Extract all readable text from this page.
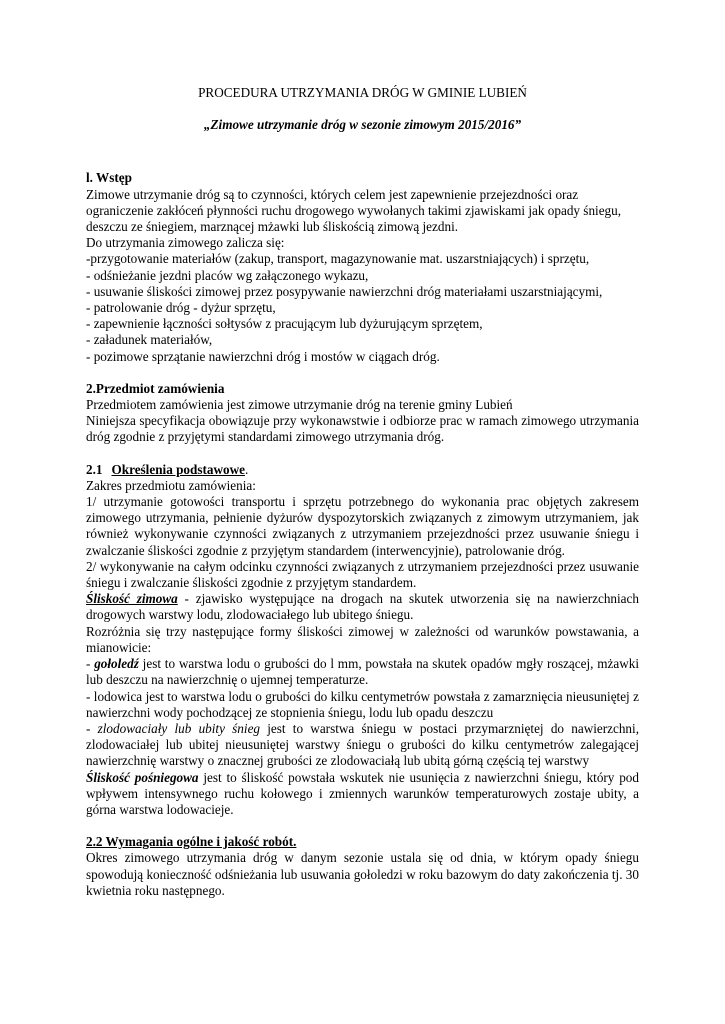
PROCEDURA UTRZYMANIA DRÓG W GMINIE LUBIEŃ
„Zimowe utrzymanie dróg w sezonie zimowym 2015/2016”
l. Wstęp
Zimowe utrzymanie dróg są to czynności, których celem jest zapewnienie przejezdności oraz ograniczenie zakłóceń płynności ruchu drogowego wywołanych takimi zjawiskami jak opady śniegu, deszczu ze śniegiem, marznącej mżawki lub śliskością zimową jezdni.
Do utrzymania zimowego zalicza się:
-przygotowanie materiałów (zakup, transport, magazynowanie mat. uszarstniających) i sprzętu,
- odśnieżanie jezdni placów wg załączonego wykazu,
- usuwanie śliskości zimowej przez posypywanie nawierzchni dróg materiałami uszarstniającymi,
- patrolowanie dróg - dyżur sprzętu,
- zapewnienie łączności sołtysów z pracującym lub dyżurującym sprzętem,
- załadunek materiałów,
- pozimowe sprzątanie nawierzchni dróg i mostów w ciągach dróg.
2.Przedmiot zamówienia
Przedmiotem zamówienia jest zimowe utrzymanie dróg na terenie gminy Lubień
Niniejsza specyfikacja obowiązuje przy wykonawstwie i odbiorze prac w ramach zimowego utrzymania dróg zgodnie z przyjętymi standardami zimowego utrzymania dróg.
2.1 Określenia podstawowe.
Zakres przedmiotu zamówienia:
1/ utrzymanie gotowości transportu i sprzętu potrzebnego do wykonania prac objętych zakresem zimowego utrzymania, pełnienie dyżurów dyspozytorskich związanych z zimowym utrzymaniem, jak również wykonywanie czynności związanych z utrzymaniem przejezdności przez usuwanie śniegu i zwalczanie śliskości zgodnie z przyjętym standardem (interwencyjnie), patrolowanie dróg.
2/ wykonywanie na całym odcinku czynności związanych z utrzymaniem przejezdności przez usuwanie śniegu i zwalczanie śliskości zgodnie z przyjętym standardem.
Śliskość zimowa - zjawisko występujące na drogach na skutek utworzenia się na nawierzchniach drogowych warstwy lodu, zlodowaciałego lub ubitego śniegu.
Rozróżnia się trzy następujące formy śliskości zimowej w zależności od warunków powstawania, a mianowicie:
- gołoledź jest to warstwa lodu o grubości do l mm, powstała na skutek opadów mgły roszącej, mżawki lub deszczu na nawierzchnię o ujemnej temperaturze.
- lodowica jest to warstwa lodu o grubości do kilku centymetrów powstała z zamarznięcia nieusuniętej z nawierzchni wody pochodzącej ze stopnienia śniegu, lodu lub opadu deszczu
- zlodowaciały lub ubity śnieg jest to warstwa śniegu w postaci przymarzniętej do nawierzchni, zlodowaciałej lub ubitej nieusuniętej warstwy śniegu o grubości do kilku centymetrów zalegającej nawierzchnię warstwy o znacznej grubości ze zlodowaciałą lub ubitą górną częścią tej warstwy
Śliskość pośniegowa jest to śliskość powstała wskutek nie usunięcia z nawierzchni śniegu, który pod wpływem intensywnego ruchu kołowego i zmiennych warunków temperaturowych zostaje ubity, a górna warstwa lodowacieje.
2.2 Wymagania ogólne i jakość robót.
Okres zimowego utrzymania dróg w danym sezonie ustala się od dnia, w którym opady śniegu spowodują konieczność odśnieżania lub usuwania gołoledzi w roku bazowym do daty zakończenia tj. 30 kwietnia roku następnego.
